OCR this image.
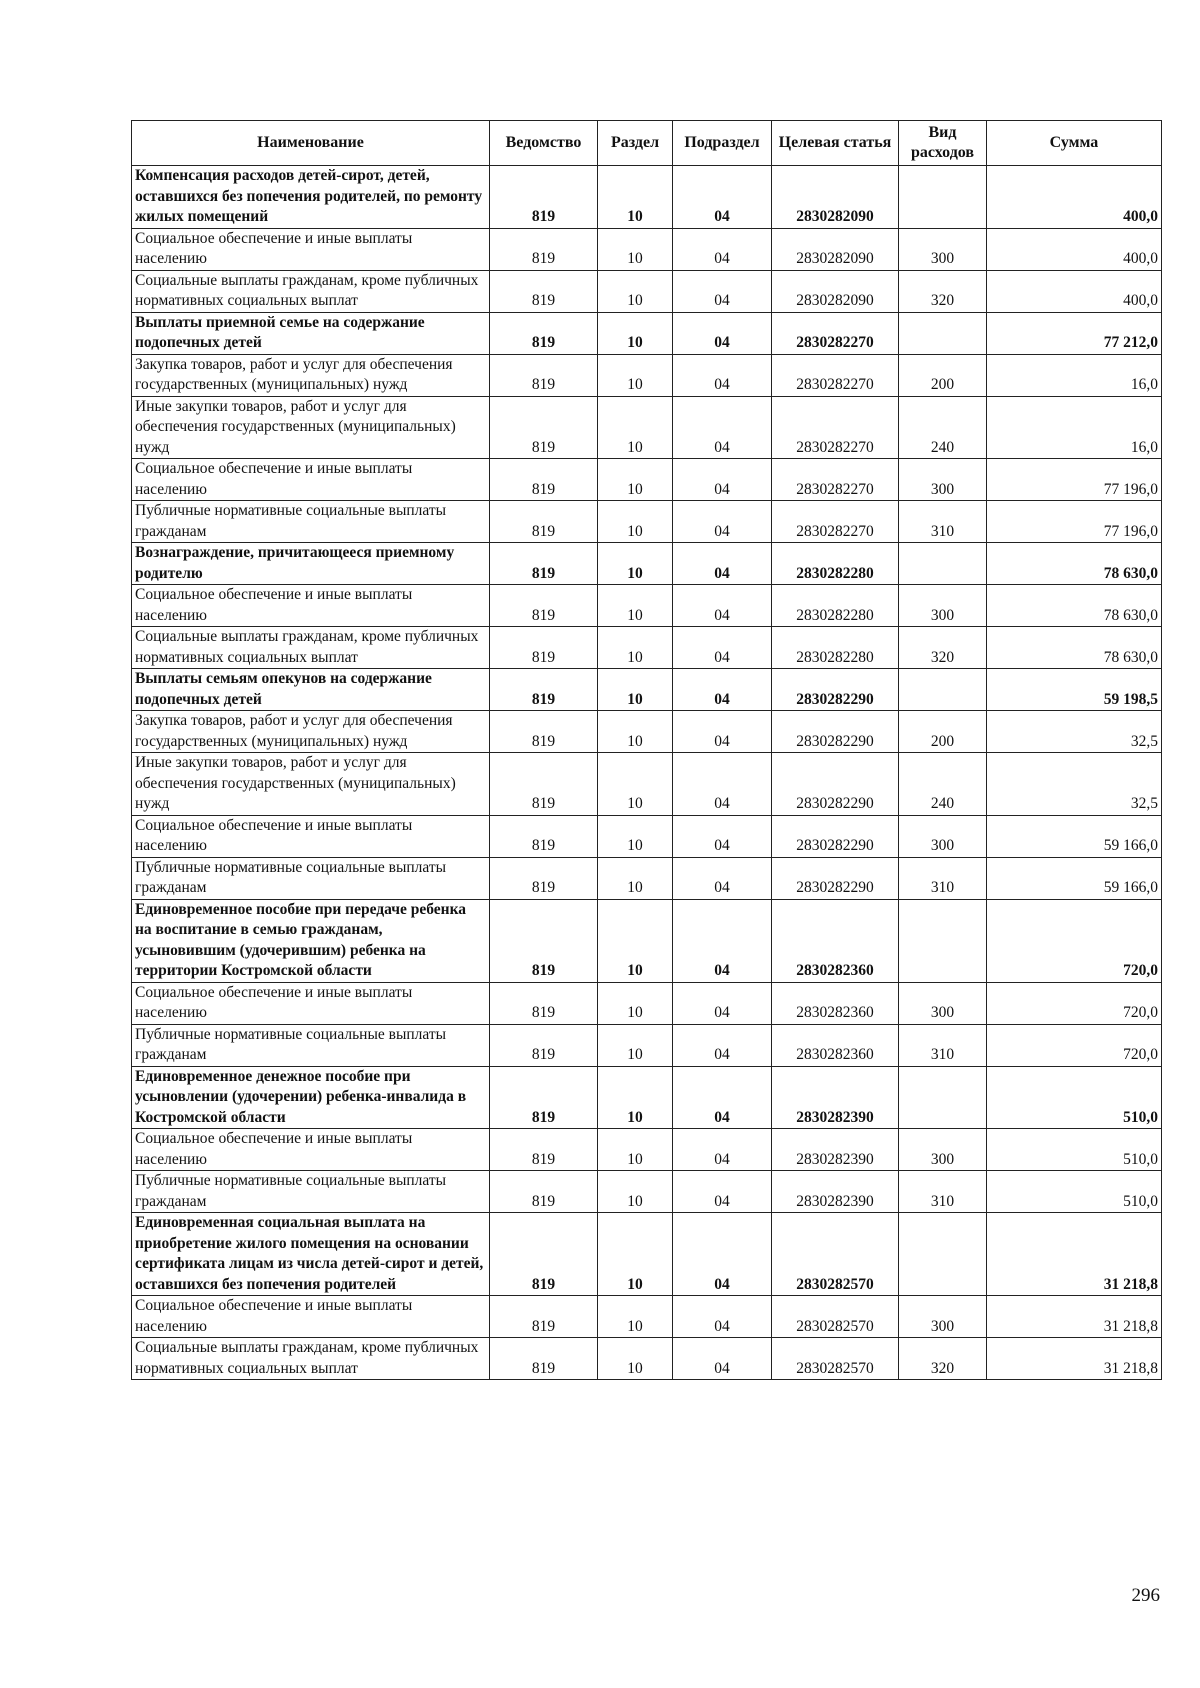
Наименование	Ведомство	Раздел	Подраздел	Целевая статья	Вид расходов	Сумма
Компенсация расходов детей-сирот, детей, оставшихся без попечения родителей, по ремонту жилых помещений	819	10	04	2830282090		400,0
Социальное обеспечение и иные выплаты населению	819	10	04	2830282090	300	400,0
Социальные выплаты гражданам, кроме публичных нормативных социальных выплат	819	10	04	2830282090	320	400,0
Выплаты приемной семье на содержание подопечных детей	819	10	04	2830282270		77 212,0
Закупка товаров, работ и услуг для обеспечения государственных (муниципальных) нужд	819	10	04	2830282270	200	16,0
Иные закупки товаров, работ и услуг для обеспечения государственных (муниципальных) нужд	819	10	04	2830282270	240	16,0
Социальное обеспечение и иные выплаты населению	819	10	04	2830282270	300	77 196,0
Публичные нормативные социальные выплаты гражданам	819	10	04	2830282270	310	77 196,0
Вознаграждение, причитающееся приемному родителю	819	10	04	2830282280		78 630,0
Социальное обеспечение и иные выплаты населению	819	10	04	2830282280	300	78 630,0
Социальные выплаты гражданам, кроме публичных нормативных социальных выплат	819	10	04	2830282280	320	78 630,0
Выплаты семьям опекунов на содержание подопечных детей	819	10	04	2830282290		59 198,5
Закупка товаров, работ и услуг для обеспечения государственных (муниципальных) нужд	819	10	04	2830282290	200	32,5
Иные закупки товаров, работ и услуг для обеспечения государственных (муниципальных) нужд	819	10	04	2830282290	240	32,5
Социальное обеспечение и иные выплаты населению	819	10	04	2830282290	300	59 166,0
Публичные нормативные социальные выплаты гражданам	819	10	04	2830282290	310	59 166,0
Единовременное пособие при передаче ребенка на воспитание в семью гражданам, усыновившим (удочерившим) ребенка на территории Костромской области	819	10	04	2830282360		720,0
Социальное обеспечение и иные выплаты населению	819	10	04	2830282360	300	720,0
Публичные нормативные социальные выплаты гражданам	819	10	04	2830282360	310	720,0
Единовременное денежное пособие при усыновлении (удочерении) ребенка-инвалида в Костромской области	819	10	04	2830282390		510,0
Социальное обеспечение и иные выплаты населению	819	10	04	2830282390	300	510,0
Публичные нормативные социальные выплаты гражданам	819	10	04	2830282390	310	510,0
Единовременная социальная выплата на приобретение жилого помещения на основании сертификата лицам из числа детей-сирот и детей, оставшихся без попечения родителей	819	10	04	2830282570		31 218,8
Социальное обеспечение и иные выплаты населению	819	10	04	2830282570	300	31 218,8
Социальные выплаты гражданам, кроме публичных нормативных социальных выплат	819	10	04	2830282570	320	31 218,8
296
